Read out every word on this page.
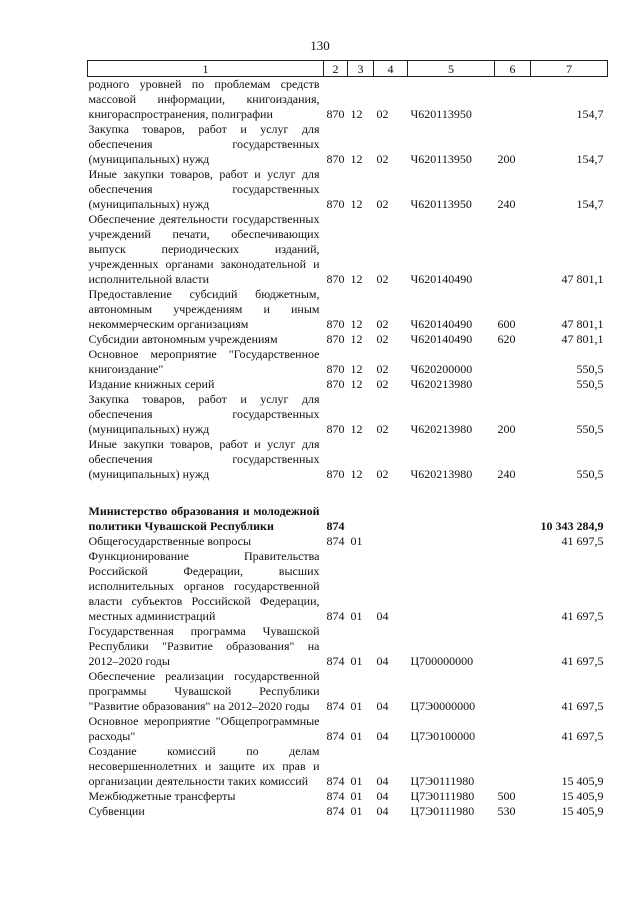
130
1	2	3	4	5	6	7
родного уровней по проблемам средств массовой информации, книгоиздания, книгораспространения, полиграфии	870	12	02	Ч620113950		154,7
Закупка товаров, работ и услуг для обеспечения государственных (муниципальных) нужд	870	12	02	Ч620113950	200	154,7
Иные закупки товаров, работ и услуг для обеспечения государственных (муниципальных) нужд	870	12	02	Ч620113950	240	154,7
Обеспечение деятельности государственных учреждений печати, обеспечивающих выпуск периодических изданий, учрежденных органами законодательной и исполнительной власти	870	12	02	Ч620140490		47 801,1
Предоставление субсидий бюджетным, автономным учреждениям и иным некоммерческим организациям	870	12	02	Ч620140490	600	47 801,1
Субсидии автономным учреждениям	870	12	02	Ч620140490	620	47 801,1
Основное мероприятие "Государственное книгоиздание"	870	12	02	Ч620200000		550,5
Издание книжных серий	870	12	02	Ч620213980		550,5
Закупка товаров, работ и услуг для обеспечения государственных (муниципальных) нужд	870	12	02	Ч620213980	200	550,5
Иные закупки товаров, работ и услуг для обеспечения государственных (муниципальных) нужд	870	12	02	Ч620213980	240	550,5

Министерство образования и молодежной политики Чувашской Республики	874					10 343 284,9
Общегосударственные вопросы	874	01				41 697,5
Функционирование Правительства Российской Федерации, высших исполнительных органов государственной власти субъектов Российской Федерации, местных администраций	874	01	04			41 697,5
Государственная программа Чувашской Республики "Развитие образования" на 2012–2020 годы	874	01	04	Ц700000000		41 697,5
Обеспечение реализации государственной программы Чувашской Республики "Развитие образования" на 2012–2020 годы	874	01	04	Ц7Э0000000		41 697,5
Основное мероприятие "Общепрограммные расходы"	874	01	04	Ц7Э0100000		41 697,5
Создание комиссий по делам несовершеннолетних и защите их прав и организации деятельности таких комиссий	874	01	04	Ц7Э0111980		15 405,9
Межбюджетные трансферты	874	01	04	Ц7Э0111980	500	15 405,9
Субвенции	874	01	04	Ц7Э0111980	530	15 405,9
